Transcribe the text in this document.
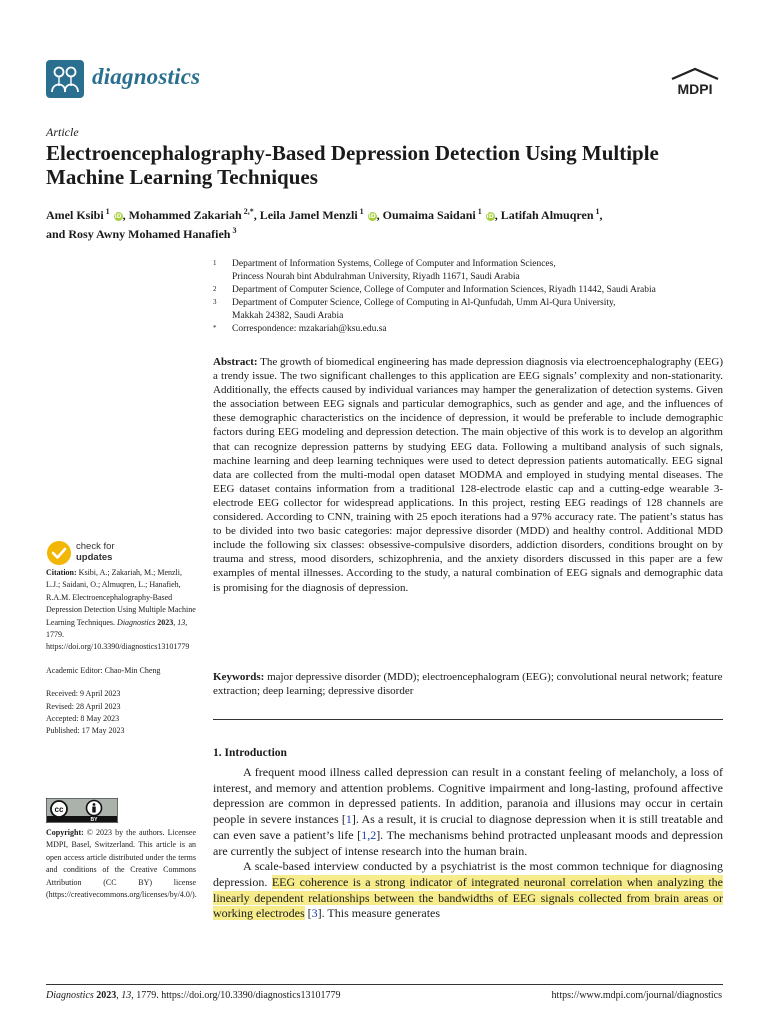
diagnostics	MDPI
Article
Electroencephalography-Based Depression Detection Using Multiple Machine Learning Techniques
Amel Ksibi $^1$ iD, Mohammed Zakariah $^{2,*}$, Leila Jamel Menzli $^1$ iD, Oumaima Saidani $^1$ iD, Latifah Almuqren $^1$,
and Rosy Awny Mohamed Hanafieh $^3$
1	Department of Information Systems, College of Computer and Information Sciences,
Princess Nourah bint Abdulrahman University, Riyadh 11671, Saudi Arabia
2	Department of Computer Science, College of Computer and Information Sciences, Riyadh 11442, Saudi Arabia
3	Department of Computer Science, College of Computing in Al-Qunfudah, Umm Al-Qura University,
Makkah 24382, Saudi Arabia
*	Correspondence: mzakariah@ksu.edu.sa
Abstract: The growth of biomedical engineering has made depression diagnosis via electroencephalography (EEG) a trendy issue. The two significant challenges to this application are EEG signals’ complexity and non-stationarity. Additionally, the effects caused by individual variances may hamper the generalization of detection systems. Given the association between EEG signals and particular demographics, such as gender and age, and the influences of these demographic characteristics on the incidence of depression, it would be preferable to include demographic factors during EEG modeling and depression detection. The main objective of this work is to develop an algorithm that can recognize depression patterns by studying EEG data. Following a multiband analysis of such signals, machine learning and deep learning techniques were used to detect depression patients automatically. EEG signal data are collected from the multi-modal open dataset MODMA and employed in studying mental diseases. The EEG dataset contains information from a traditional 128-electrode elastic cap and a cutting-edge wearable 3-electrode EEG collector for widespread applications. In this project, resting EEG readings of 128 channels are considered. According to CNN, training with 25 epoch iterations had a 97% accuracy rate. The patient’s status has to be divided into two basic categories: major depressive disorder (MDD) and healthy control. Additional MDD include the following six classes: obsessive-compulsive disorders, addiction disorders, conditions brought on by trauma and stress, mood disorders, schizophrenia, and the anxiety disorders discussed in this paper are a few examples of mental illnesses. According to the study, a natural combination of EEG signals and demographic data is promising for the diagnosis of depression.
Keywords: major depressive disorder (MDD); electroencephalogram (EEG); convolutional neural network; feature extraction; deep learning; depressive disorder
check for
updates

Citation: Ksibi, A.; Zakariah, M.; Menzli, L.J.; Saidani, O.; Almuqren, L.; Hanafieh, R.A.M. Electroencephalography-Based Depression Detection Using Multiple Machine Learning Techniques. Diagnostics 2023, 13, 1779. https://doi.org/10.3390/diagnostics13101779

Academic Editor: Chao-Min Cheng

Received: 9 April 2023

Revised: 28 April 2023

Accepted: 8 May 2023

Published: 17 May 2023

cc
BY
Copyright: © 2023 by the authors. Licensee MDPI, Basel, Switzerland. This article is an open access article distributed under the terms and conditions of the Creative Commons Attribution (CC BY) license (https://creativecommons.org/licenses/by/4.0/).
1. Introduction

A frequent mood illness called depression can result in a constant feeling of melancholy, a loss of interest, and memory and attention problems. Cognitive impairment and long-lasting, profound affective depression are common in depressed patients. In addition, paranoia and illusions may occur in certain people in severe instances [1]. As a result, it is crucial to diagnose depression when it is still treatable and can even save a patient’s life [1,2]. The mechanisms behind protracted unpleasant moods and depression are currently the subject of intense research into the human brain.

A scale-based interview conducted by a psychiatrist is the most common technique for diagnosing depression. EEG coherence is a strong indicator of integrated neuronal correlation when analyzing the linearly dependent relationships between the bandwidths of EEG signals collected from brain areas or working electrodes [3]. This measure generates

Diagnostics 2023, 13, 1779. https://doi.org/10.3390/diagnostics13101779	https://www.mdpi.com/journal/diagnostics
